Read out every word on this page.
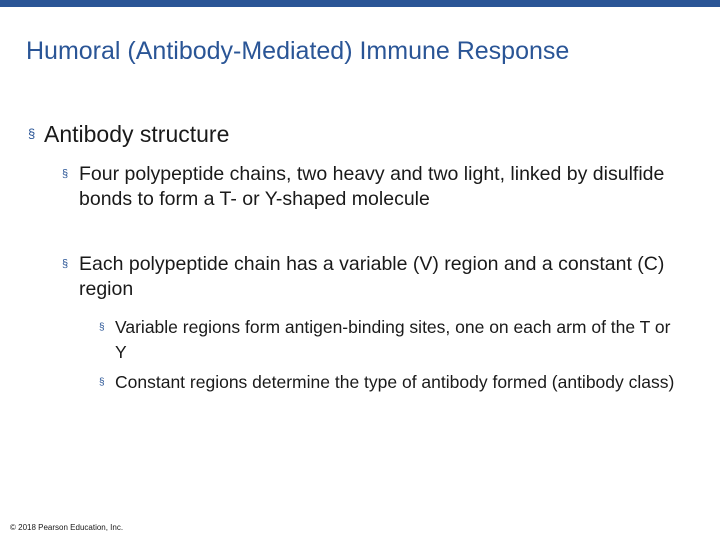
Humoral (Antibody-Mediated) Immune Response

§ Antibody structure

§ Four polypeptide chains, two heavy and two light, linked by disulfide bonds to form a T- or Y-shaped molecule

§ Each polypeptide chain has a variable (V) region and a constant (C) region

§ Variable regions form antigen-binding sites, one on each arm of the T or Y

§ Constant regions determine the type of antibody formed (antibody class)

© 2018 Pearson Education, Inc.
